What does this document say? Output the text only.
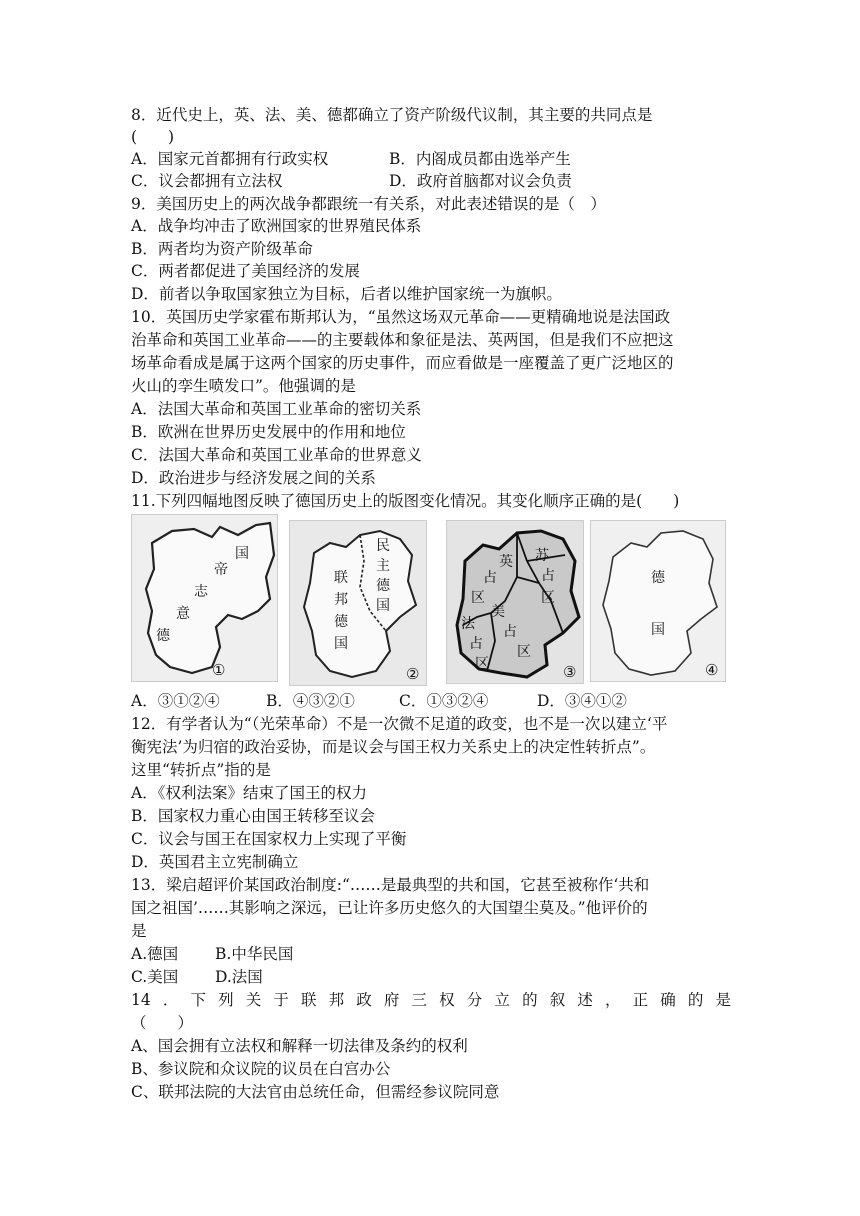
8．近代史上，英、法、美、德都确立了资产阶级代议制，其主要的共同点是
(　　)
A．国家元首都拥有行政实权	B．内阁成员都由选举产生
C．议会都拥有立法权	D．政府首脑都对议会负责
9．美国历史上的两次战争都跟统一有关系，对此表述错误的是（　）
A．战争均冲击了欧洲国家的世界殖民体系
B．两者均为资产阶级革命
C．两者都促进了美国经济的发展
D．前者以争取国家独立为目标，后者以维护国家统一为旗帜。
10．英国历史学家霍布斯邦认为，“虽然这场双元革命——更精确地说是法国政
治革命和英国工业革命——的主要载体和象征是法、英两国，但是我们不应把这
场革命看成是属于这两个国家的历史事件，而应看做是一座覆盖了更广泛地区的
火山的孪生喷发口”。他强调的是
A．法国大革命和英国工业革命的密切关系
B．欧洲在世界历史发展中的作用和地位
C．法国大革命和英国工业革命的世界意义
D．政治进步与经济发展之间的关系
11.下列四幅地图反映了德国历史上的版图变化情况。其变化顺序正确的是(　　)
国
帝
志
意
德
①
民
主
德
国
联
邦
德
国
②
英
占
区
苏
占
区
美
占
区
法
占
区	③
德
国
④
A．③①②④	B．④③②①	C．①③②④	D．③④①②
12．有学者认为“（光荣革命）不是一次微不足道的政变，也不是一次以建立‘平
衡宪法’为归宿的政治妥协，而是议会与国王权力关系史上的决定性转折点”。
这里“转折点”指的是
A．《权利法案》结束了国王的权力
B．国家权力重心由国王转移至议会
C．议会与国王在国家权力上实现了平衡
D．英国君主立宪制确立
13．梁启超评价某国政治制度:“……是最典型的共和国，它甚至被称作‘共和
国之祖国’……其影响之深远，已让许多历史悠久的大国望尘莫及。”他评价的
是
A.德国 B.中华民国
C.美国 D.法国
14．下列关于联邦政府三权分立的叙述，正确的是
（　　）
A、国会拥有立法权和解释一切法律及条约的权利
B、参议院和众议院的议员在白宫办公
C、联邦法院的大法官由总统任命，但需经参议院同意
